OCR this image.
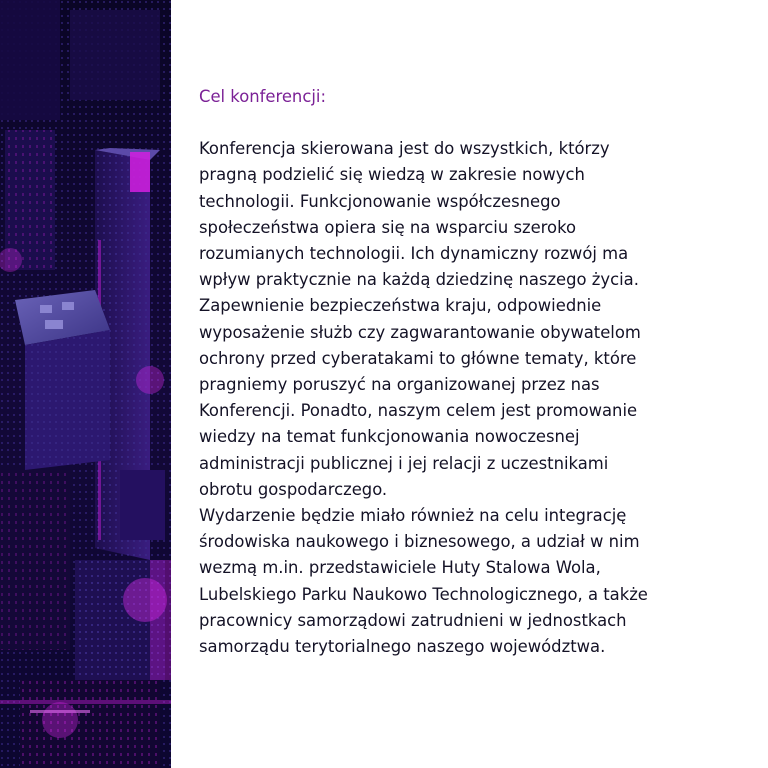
Cel konferencji:
Konferencja skierowana jest do wszystkich, którzy
pragną podzielić się wiedzą w zakresie nowych
technologii. Funkcjonowanie współczesnego
społeczeństwa opiera się na wsparciu szeroko
rozumianych technologii. Ich dynamiczny rozwój ma
wpływ praktycznie na każdą dziedzinę naszego życia.
Zapewnienie bezpieczeństwa kraju, odpowiednie
wyposażenie służb czy zagwarantowanie obywatelom
ochrony przed cyberatakami to główne tematy, które
pragniemy poruszyć na organizowanej przez nas
Konferencji. Ponadto, naszym celem jest promowanie
wiedzy na temat funkcjonowania nowoczesnej
administracji publicznej i jej relacji z uczestnikami
obrotu gospodarczego.
Wydarzenie będzie miało również na celu integrację
środowiska naukowego i biznesowego, a udział w nim
wezmą m.in. przedstawiciele Huty Stalowa Wola,
Lubelskiego Parku Naukowo Technologicznego, a także
pracownicy samorządowi zatrudnieni w jednostkach
samorządu terytorialnego naszego województwa.
